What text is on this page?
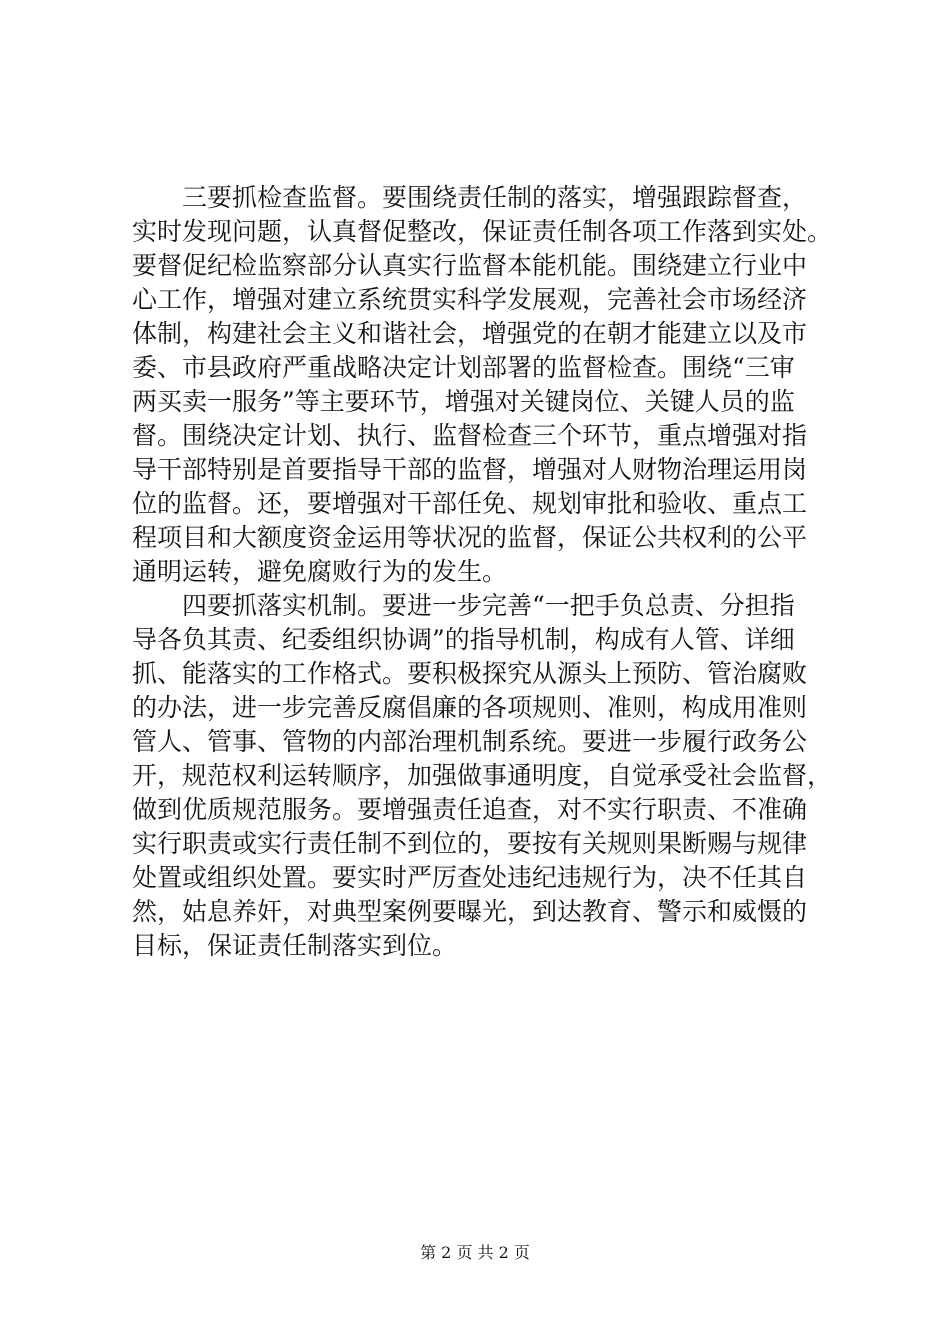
三要抓检查监督。要围绕责任制的落实，增强跟踪督查，
实时发现问题，认真督促整改，保证责任制各项工作落到实处。
要督促纪检监察部分认真实行监督本能机能。围绕建立行业中
心工作，增强对建立系统贯实科学发展观，完善社会市场经济
体制，构建社会主义和谐社会，增强党的在朝才能建立以及市
委、市县政府严重战略决定计划部署的监督检查。围绕“三审
两买卖一服务”等主要环节，增强对关键岗位、关键人员的监
督。围绕决定计划、执行、监督检查三个环节，重点增强对指
导干部特别是首要指导干部的监督，增强对人财物治理运用岗
位的监督。还，要增强对干部任免、规划审批和验收、重点工
程项目和大额度资金运用等状况的监督，保证公共权利的公平
通明运转，避免腐败行为的发生。
四要抓落实机制。要进一步完善“一把手负总责、分担指
导各负其责、纪委组织协调”的指导机制，构成有人管、详细
抓、能落实的工作格式。要积极探究从源头上预防、管治腐败
的办法，进一步完善反腐倡廉的各项规则、准则，构成用准则
管人、管事、管物的内部治理机制系统。要进一步履行政务公
开，规范权利运转顺序，加强做事通明度，自觉承受社会监督，
做到优质规范服务。要增强责任追查，对不实行职责、不准确
实行职责或实行责任制不到位的，要按有关规则果断赐与规律
处置或组织处置。要实时严厉查处违纪违规行为，决不任其自
然，姑息养奸，对典型案例要曝光，到达教育、警示和威慑的
目标，保证责任制落实到位。
第 2 页 共 2 页
